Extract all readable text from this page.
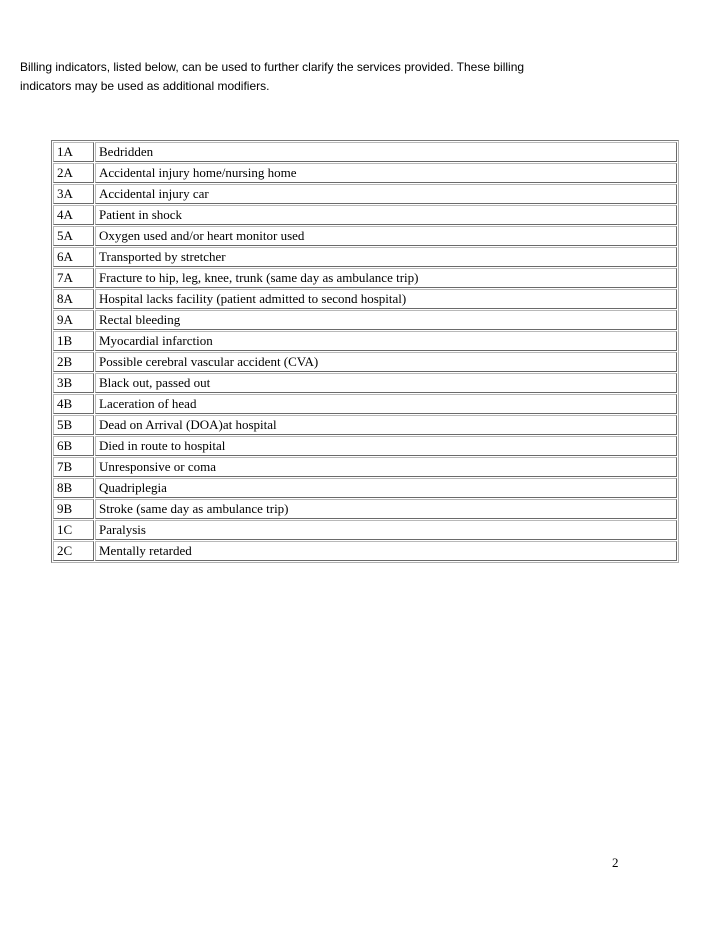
Billing indicators, listed below, can be used to further clarify the services provided. These billing
indicators may be used as additional modifiers.

1A	Bedridden
2A	Accidental injury home/nursing home
3A	Accidental injury car
4A	Patient in shock
5A	Oxygen used and/or heart monitor used
6A	Transported by stretcher
7A	Fracture to hip, leg, knee, trunk (same day as ambulance trip)
8A	Hospital lacks facility (patient admitted to second hospital)
9A	Rectal bleeding
1B	Myocardial infarction
2B	Possible cerebral vascular accident (CVA)
3B	Black out, passed out
4B	Laceration of head
5B	Dead on Arrival (DOA)at hospital
6B	Died in route to hospital
7B	Unresponsive or coma
8B	Quadriplegia
9B	Stroke (same day as ambulance trip)
1C	Paralysis
2C	Mentally retarded
2
